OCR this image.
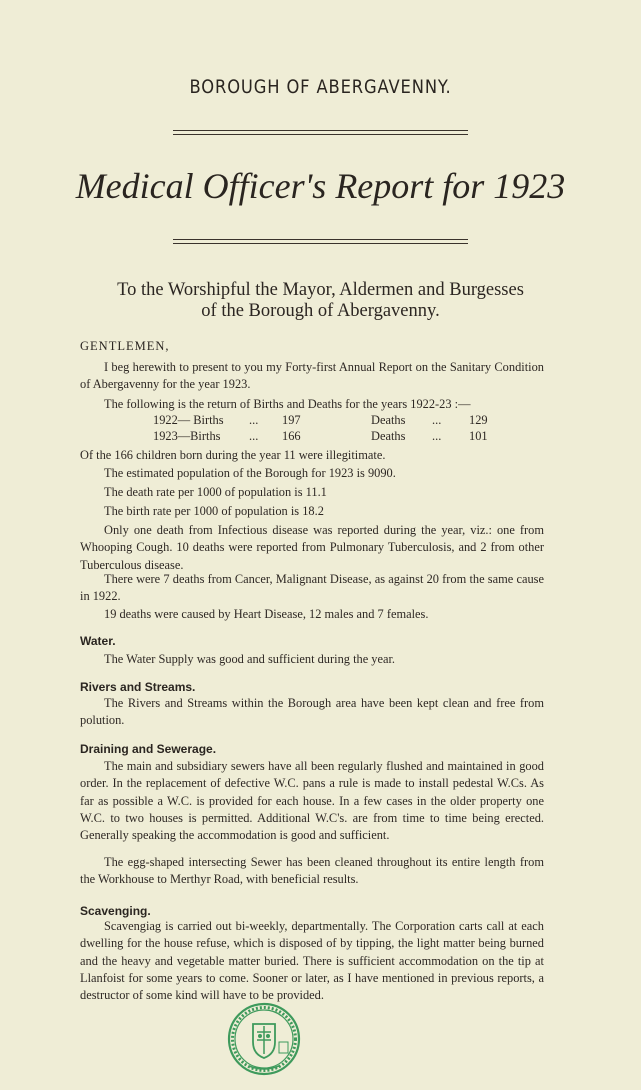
BOROUGH OF ABERGAVENNY.
Medical Officer's Report for 1923
To the Worshipful the Mayor, Aldermen and Burgesses
of the Borough of Abergavenny.
GENTLEMEN,

I beg herewith to present to you my Forty-first Annual Report on the Sanitary Condition of Abergavenny for the year 1923.

The following is the return of Births and Deaths for the years 1922-23 :—

1922— Births ... 197	Deaths ... 129
1923—Births ... 166	Deaths ... 101

Of the 166 children born during the year 11 were illegitimate.

The estimated population of the Borough for 1923 is 9090.

The death rate per 1000 of population is 11.1

The birth rate per 1000 of population is 18.2

Only one death from Infectious disease was reported during the year, viz.: one from Whooping Cough. 10 deaths were reported from Pulmonary Tuberculosis, and 2 from other Tuberculous disease.

There were 7 deaths from Cancer, Malignant Disease, as against 20 from the same cause in 1922.

19 deaths were caused by Heart Disease, 12 males and 7 females.

Water.

The Water Supply was good and sufficient during the year.

Rivers and Streams.

The Rivers and Streams within the Borough area have been kept clean and free from polution.

Draining and Sewerage.

The main and subsidiary sewers have all been regularly flushed and maintained in good order. In the replacement of defective W.C. pans a rule is made to install pedestal W.Cs. As far as possible a W.C. is provided for each house. In a few cases in the older property one W.C. to two houses is permitted. Additional W.C's. are from time to time being erected. Generally speaking the accommodation is good and sufficient.

The egg-shaped intersecting Sewer has been cleaned throughout its entire length from the Workhouse to Merthyr Road, with beneficial results.

Scavenging.

Scavengiag is carried out bi-weekly, departmentally. The Corporation carts call at each dwelling for the house refuse, which is disposed of by tipping, the light matter being burned and the heavy and vegetable matter buried. There is sufficient accommodation on the tip at Llanfoist for some years to come. Sooner or later, as I have mentioned in previous reports, a destructor of some kind will have to be provided.
